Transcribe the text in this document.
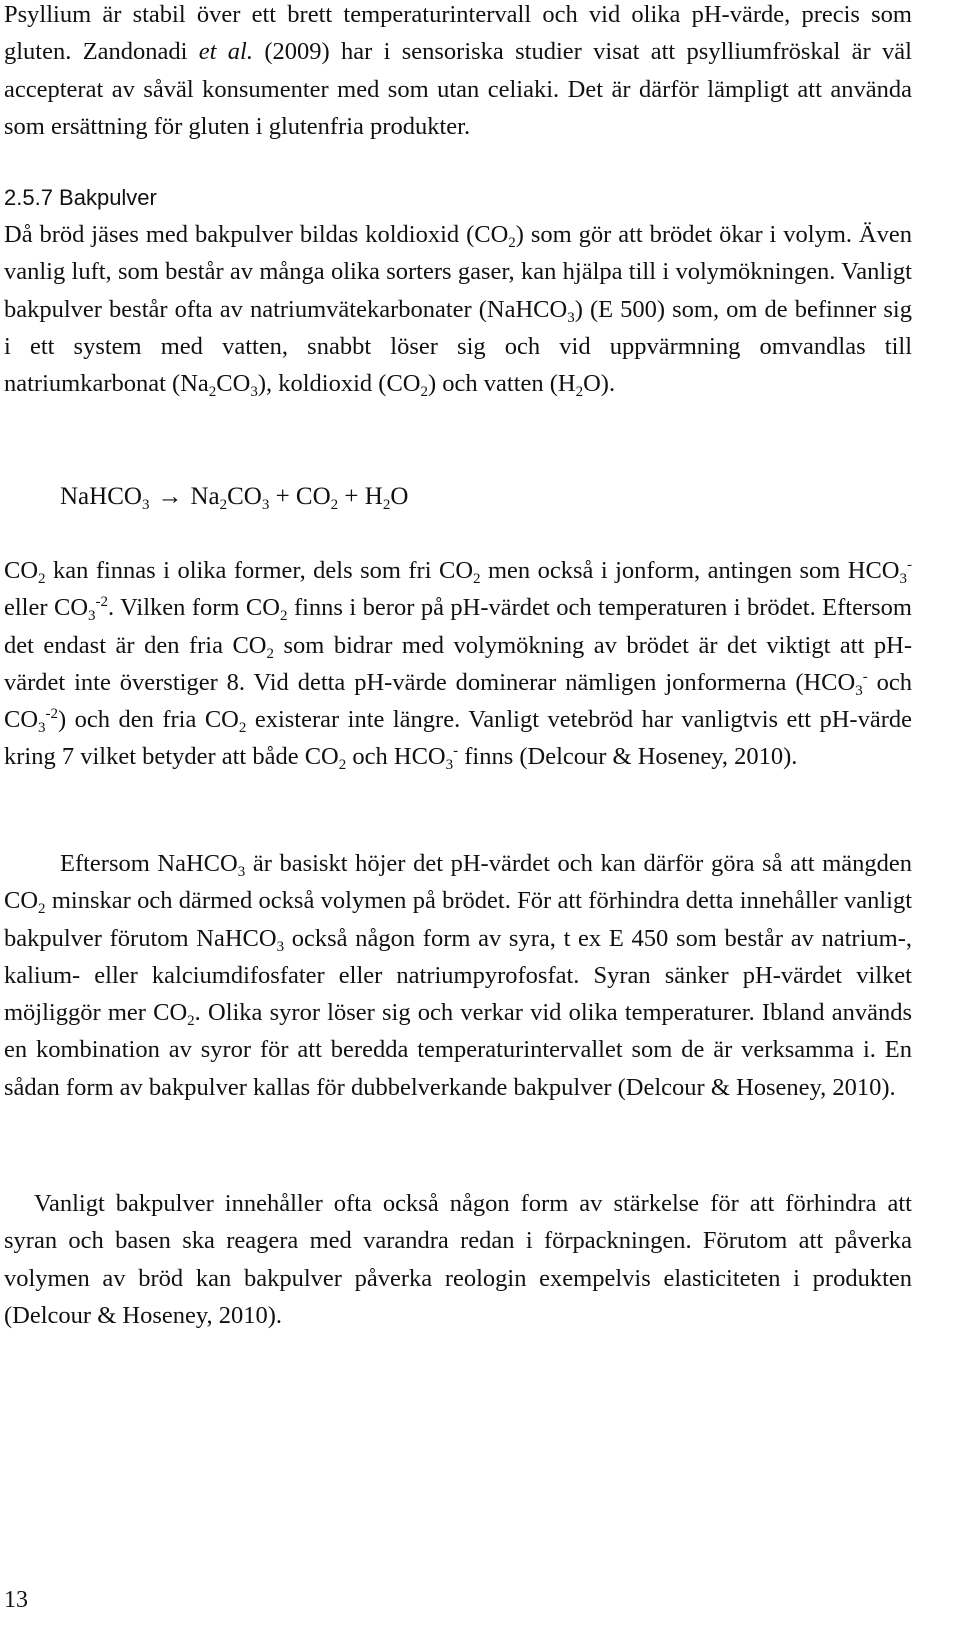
Psyllium är stabil över ett brett temperaturintervall och vid olika pH-värde, precis som gluten. Zandonadi et al. (2009) har i sensoriska studier visat att psylliumfröskal är väl accepterat av såväl konsumenter med som utan celiaki. Det är därför lämpligt att använda som ersättning för gluten i glutenfria produkter.

2.5.7 Bakpulver

Då bröd jäses med bakpulver bildas koldioxid $(CO_2)$ som gör att brödet ökar i volym. Även vanlig luft, som består av många olika sorters gaser, kan hjälpa till i volymökningen. Vanligt bakpulver består ofta av natriumvätekarbonater (NaHCO$_3$) (E 500) som, om de befinner sig i ett system med vatten, snabbt löser sig och vid uppvärmning omvandlas till natriumkarbonat $(Na_2CO_3)$, koldioxid $(CO_2)$ och vatten $(H_2O)$.

NaHCO$_3$ → $Na_2CO_3 + CO_2 + H_2O$

$CO_2$ kan finnas i olika former, dels som fri $CO_2$ men också i jonform, antingen som $HCO_3^-$ eller $CO_3^{-2}$. Vilken form $CO_2$ finns i beror på pH-värdet och temperaturen i brödet. Eftersom det endast är den fria $CO_2$ som bidrar med volymökning av brödet är det viktigt att pH-värdet inte överstiger 8. Vid detta pH-värde dominerar nämligen jonformerna ($HCO_3^-$ och $CO_3^{-2}$) och den fria $CO_2$ existerar inte längre. Vanligt vetebröd har vanligtvis ett pH-värde kring 7 vilket betyder att både $CO_2$ och $HCO_3^-$ finns (Delcour & Hoseney, 2010).

Eftersom NaHCO$_3$ är basiskt höjer det pH-värdet och kan därför göra så att mängden $CO_2$ minskar och därmed också volymen på brödet. För att förhindra detta innehåller vanligt bakpulver förutom NaHCO$_3$ också någon form av syra, t ex E 450 som består av natrium-, kalium- eller kalciumdifosfater eller natriumpyrofosfat. Syran sänker pH-värdet vilket möjliggör mer $CO_2$. Olika syror löser sig och verkar vid olika temperaturer. Ibland används en kombination av syror för att beredda temperaturintervallet som de är verksamma i. En sådan form av bakpulver kallas för dubbelverkande bakpulver (Delcour & Hoseney, 2010).

Vanligt bakpulver innehåller ofta också någon form av stärkelse för att förhindra att syran och basen ska reagera med varandra redan i förpackningen. Förutom att påverka volymen av bröd kan bakpulver påverka reologin exempelvis elasticiteten i produkten (Delcour & Hoseney, 2010).

13
